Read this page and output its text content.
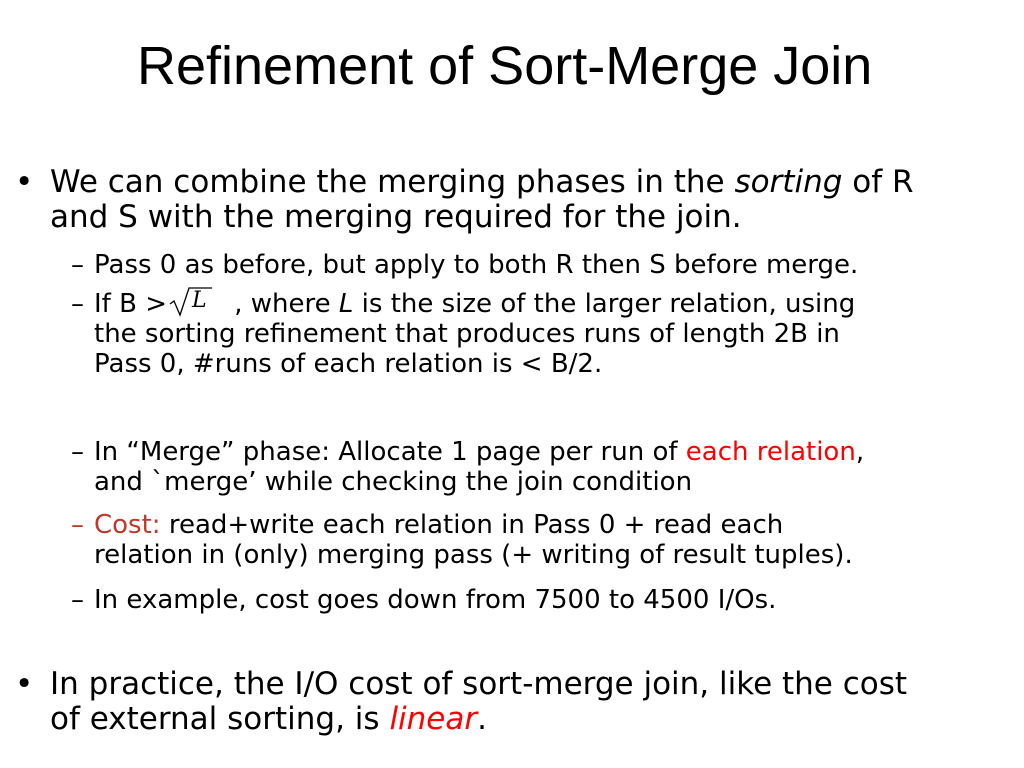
Refinement of Sort-Merge Join
• We can combine the merging phases in the sorting of R
and S with the merging required for the join.
– Pass 0 as before, but apply to both R then S before merge.
– If B > L , where L is the size of the larger relation, using
the sorting refinement that produces runs of length 2B in
Pass 0, #runs of each relation is < B/2.
– In “Merge” phase: Allocate 1 page per run of each relation,
and `merge’ while checking the join condition
– Cost: read+write each relation in Pass 0 + read each
relation in (only) merging pass (+ writing of result tuples).
– In example, cost goes down from 7500 to 4500 I/Os.
• In practice, the I/O cost of sort-merge join, like the cost
of external sorting, is linear.
